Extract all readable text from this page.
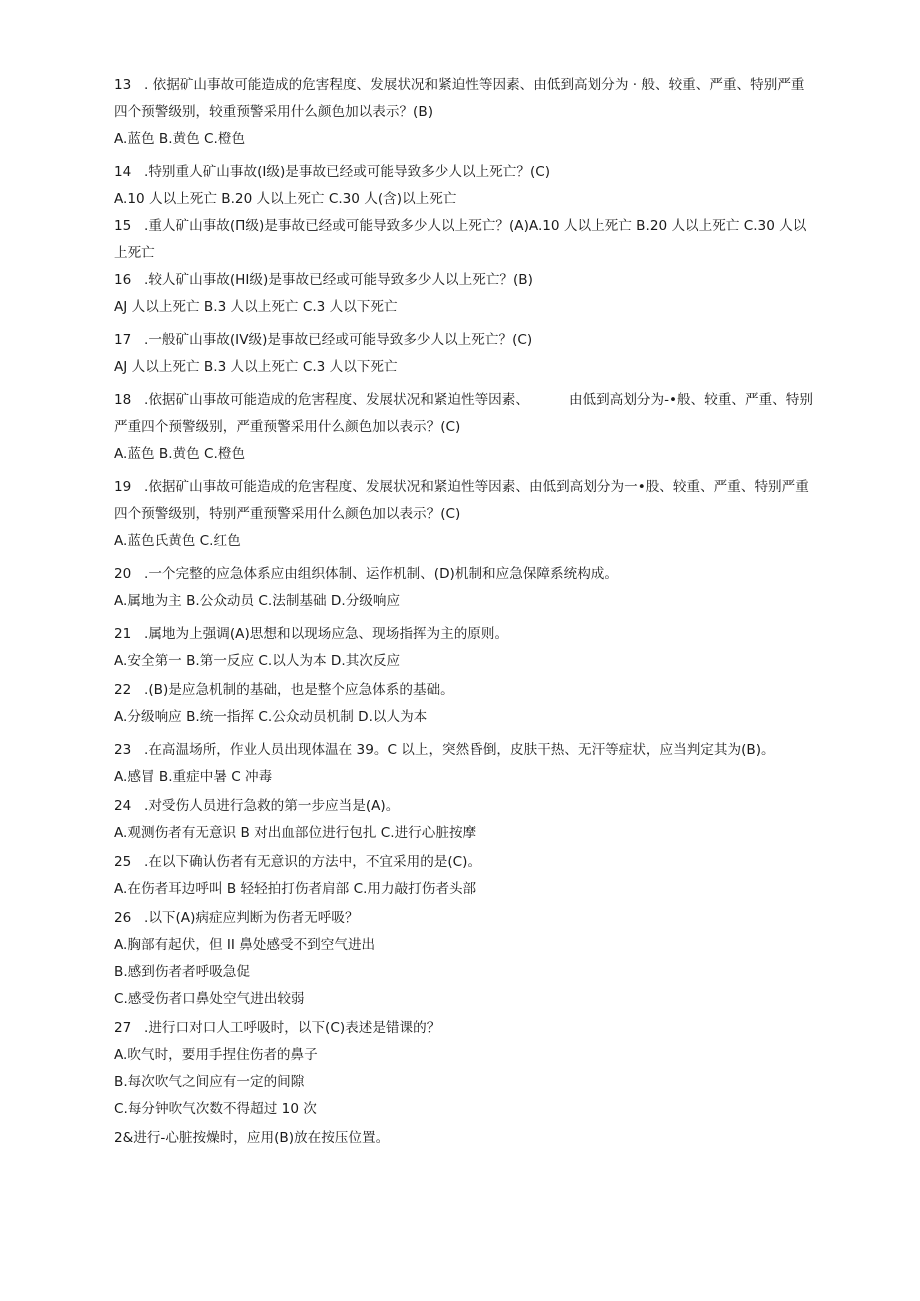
13 . 依据矿山事故可能造成的危害程度、发展状况和紧迫性等因素、由低到高划分为 · 般、较重、严重、特别严重四个预警级别，较重预警采用什么颜色加以表示？(B)
A.蓝色 B.黄色 C.橙色
14 .特别重人矿山事故(I级)是事故已经或可能导致多少人以上死亡？(C)
A.10 人以上死亡 B.20 人以上死亡 C.30 人(含)以上死亡
15 .重人矿山事故(П级)是事故已经或可能导致多少人以上死亡？(A)A.10 人以上死亡 B.20 人以上死亡 C.30 人以上死亡
16 .较人矿山事故(HI级)是事故已经或可能导致多少人以上死亡？(B)
AJ 人以上死亡 B.3 人以上死亡 C.3 人以下死亡
17 .一般矿山事故(IV级)是事故已经或可能导致多少人以上死亡？(C)
AJ 人以上死亡 B.3 人以上死亡 C.3 人以下死亡
18 .依据矿山事故可能造成的危害程度、发展状况和紧迫性等因素、	由低到高划分为-•般、较重、严重、特别严重四个预警级别，严重预警采用什么颜色加以表示？(C)
A.蓝色 B.黄色 C.橙色
19 .依据矿山事故可能造成的危害程度、发展状况和紧迫性等因素、由低到高划分为一•股、较重、严重、特别严重四个预警级别，特别严重预警采用什么颜色加以表示？(C)
A.蓝色氏黄色 C.红色
20 .一个完整的应急体系应由组织体制、运作机制、(D)机制和应急保障系统构成。
A.属地为主 B.公众动员 C.法制基础 D.分级响应
21 .属地为上强调(A)思想和以现场应急、现场指挥为主的原则。
A.安全第一 B.第一反应 C.以人为本 D.其次反应
22 .(B)是应急机制的基础，也是整个应急体系的基础。
A.分级响应 B.统一指挥 C.公众动员机制 D.以人为本
23 .在高温场所，作业人员出现体温在 39。C 以上，突然昏倒，皮肤干热、无汗等症状，应当判定其为(B)。
A.感冒 B.重症中暑 C 冲毒
24 .对受伤人员进行急救的第一步应当是(A)。
A.观测伤者有无意识 B 对出血部位进行包扎 C.进行心脏按摩
25 .在以下确认伤者有无意识的方法中，不宜采用的是(C)。
A.在伤者耳边呼叫 B 轻轻拍打伤者肩部 C.用力敲打伤者头部
26 .以下(A)病症应判断为伤者无呼吸？
A.胸部有起伏，但 II 鼻处感受不到空气进出
B.感到伤者者呼吸急促
C.感受伤者口鼻处空气进出较弱
27 .进行口对口人工呼吸时，以下(C)表述是错课的？
A.吹气时，要用手捏住伤者的鼻子
B.每次吹气之间应有一定的间隙
C.每分钟吹气次数不得超过 10 次
2&进行-心脏按燥时，应用(B)放在按压位置。
